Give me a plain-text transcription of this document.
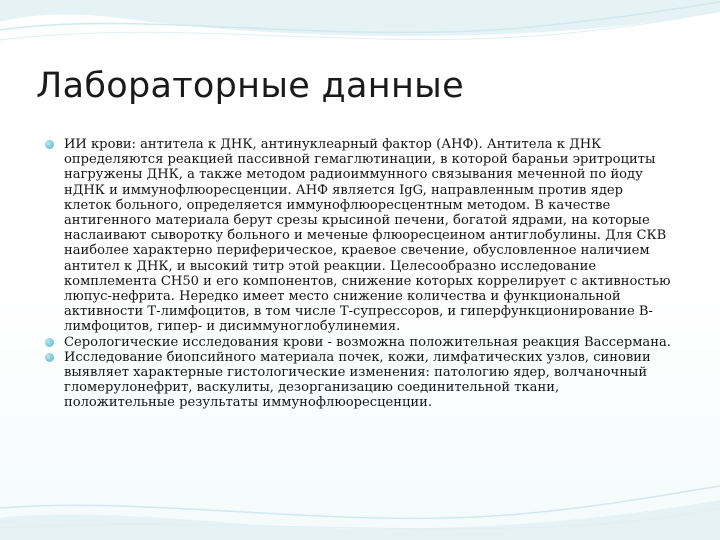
Лабораторные данные
ИИ крови: антитела к ДНК, антинуклеарный фактор (АНФ). Антитела к ДНК определяются реакцией пассивной гемаглютинации, в которой бараньи эритроциты нагружены ДНК, а также методом радиоиммунного связывания меченной по йоду нДНК и иммунофлюоресценции. АНФ является IgG, направленным против ядер клеток больного, определяется иммунофлюоресцентным методом. В качестве антигенного материала берут срезы крысиной печени, богатой ядрами, на которые наслаивают сыворотку больного и меченые флюоресцеином антиглобулины. Для СКВ наиболее характерно периферическое, краевое свечение, обусловленное наличием антител к ДНК, и высокий титр этой реакции. Целесообразно исследование комплемента CH50 и его компонентов, снижение которых коррелирует с активностью люпус-нефрита. Нередко имеет место снижение количества и функциональной активности Т-лимфоцитов, в том числе Т-супрессоров, и гиперфункционирование В-лимфоцитов, гипер- и дисиммуноглобулинемия.
Серологические исследования крови - возможна положительная реакция Вассермана.
Исследование биопсийного материала почек, кожи, лимфатических узлов, синовии выявляет характерные гистологические изменения: патологию ядер, волчаночный гломерулонефрит, васкулиты, дезорганизацию соединительной ткани, положительные результаты иммунофлюоресценции.
